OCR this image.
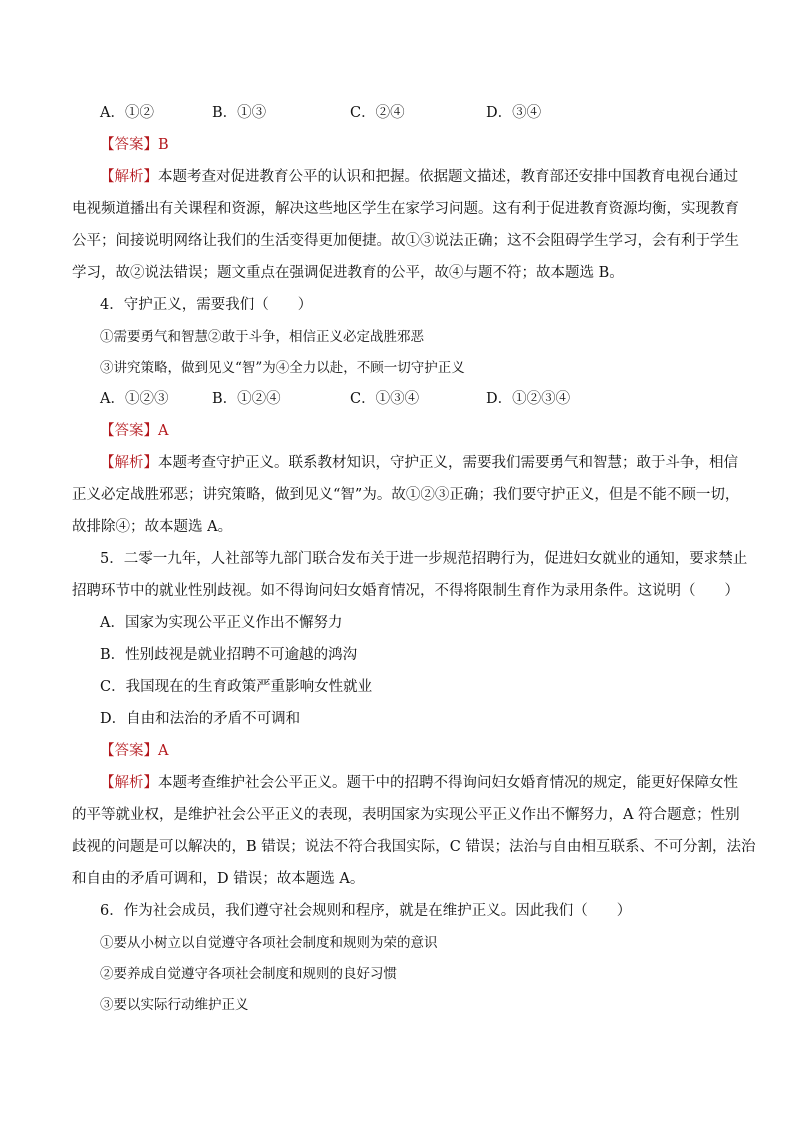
A．①②	B．①③	C．②④	D．③④
【答案】B
【解析】本题考查对促进教育公平的认识和把握。依据题文描述，教育部还安排中国教育电视台通过
电视频道播出有关课程和资源，解决这些地区学生在家学习问题。这有利于促进教育资源均衡，实现教育
公平；间接说明网络让我们的生活变得更加便捷。故①③说法正确；这不会阻碍学生学习，会有利于学生
学习，故②说法错误；题文重点在强调促进教育的公平，故④与题不符；故本题选 B。
4．守护正义，需要我们（　　）
①需要勇气和智慧②敢于斗争，相信正义必定战胜邪恶
③讲究策略，做到见义“智”为④全力以赴，不顾一切守护正义
A．①②③	B．①②④	C．①③④	D．①②③④
【答案】A
【解析】本题考查守护正义。联系教材知识，守护正义，需要我们需要勇气和智慧；敢于斗争，相信
正义必定战胜邪恶；讲究策略，做到见义“智”为。故①②③正确；我们要守护正义，但是不能不顾一切，
故排除④；故本题选 A。
5．二零一九年，人社部等九部门联合发布关于进一步规范招聘行为，促进妇女就业的通知，要求禁止
招聘环节中的就业性别歧视。如不得询问妇女婚育情况，不得将限制生育作为录用条件。这说明（　　）
A．国家为实现公平正义作出不懈努力
B．性别歧视是就业招聘不可逾越的鸿沟
C．我国现在的生育政策严重影响女性就业
D．自由和法治的矛盾不可调和
【答案】A
【解析】本题考查维护社会公平正义。题干中的招聘不得询问妇女婚育情况的规定，能更好保障女性
的平等就业权，是维护社会公平正义的表现，表明国家为实现公平正义作出不懈努力，A 符合题意；性别
歧视的问题是可以解决的，B 错误；说法不符合我国实际，C 错误；法治与自由相互联系、不可分割，法治
和自由的矛盾可调和，D 错误；故本题选 A。
6．作为社会成员，我们遵守社会规则和程序，就是在维护正义。因此我们（　　）
①要从小树立以自觉遵守各项社会制度和规则为荣的意识
②要养成自觉遵守各项社会制度和规则的良好习惯
③要以实际行动维护正义
